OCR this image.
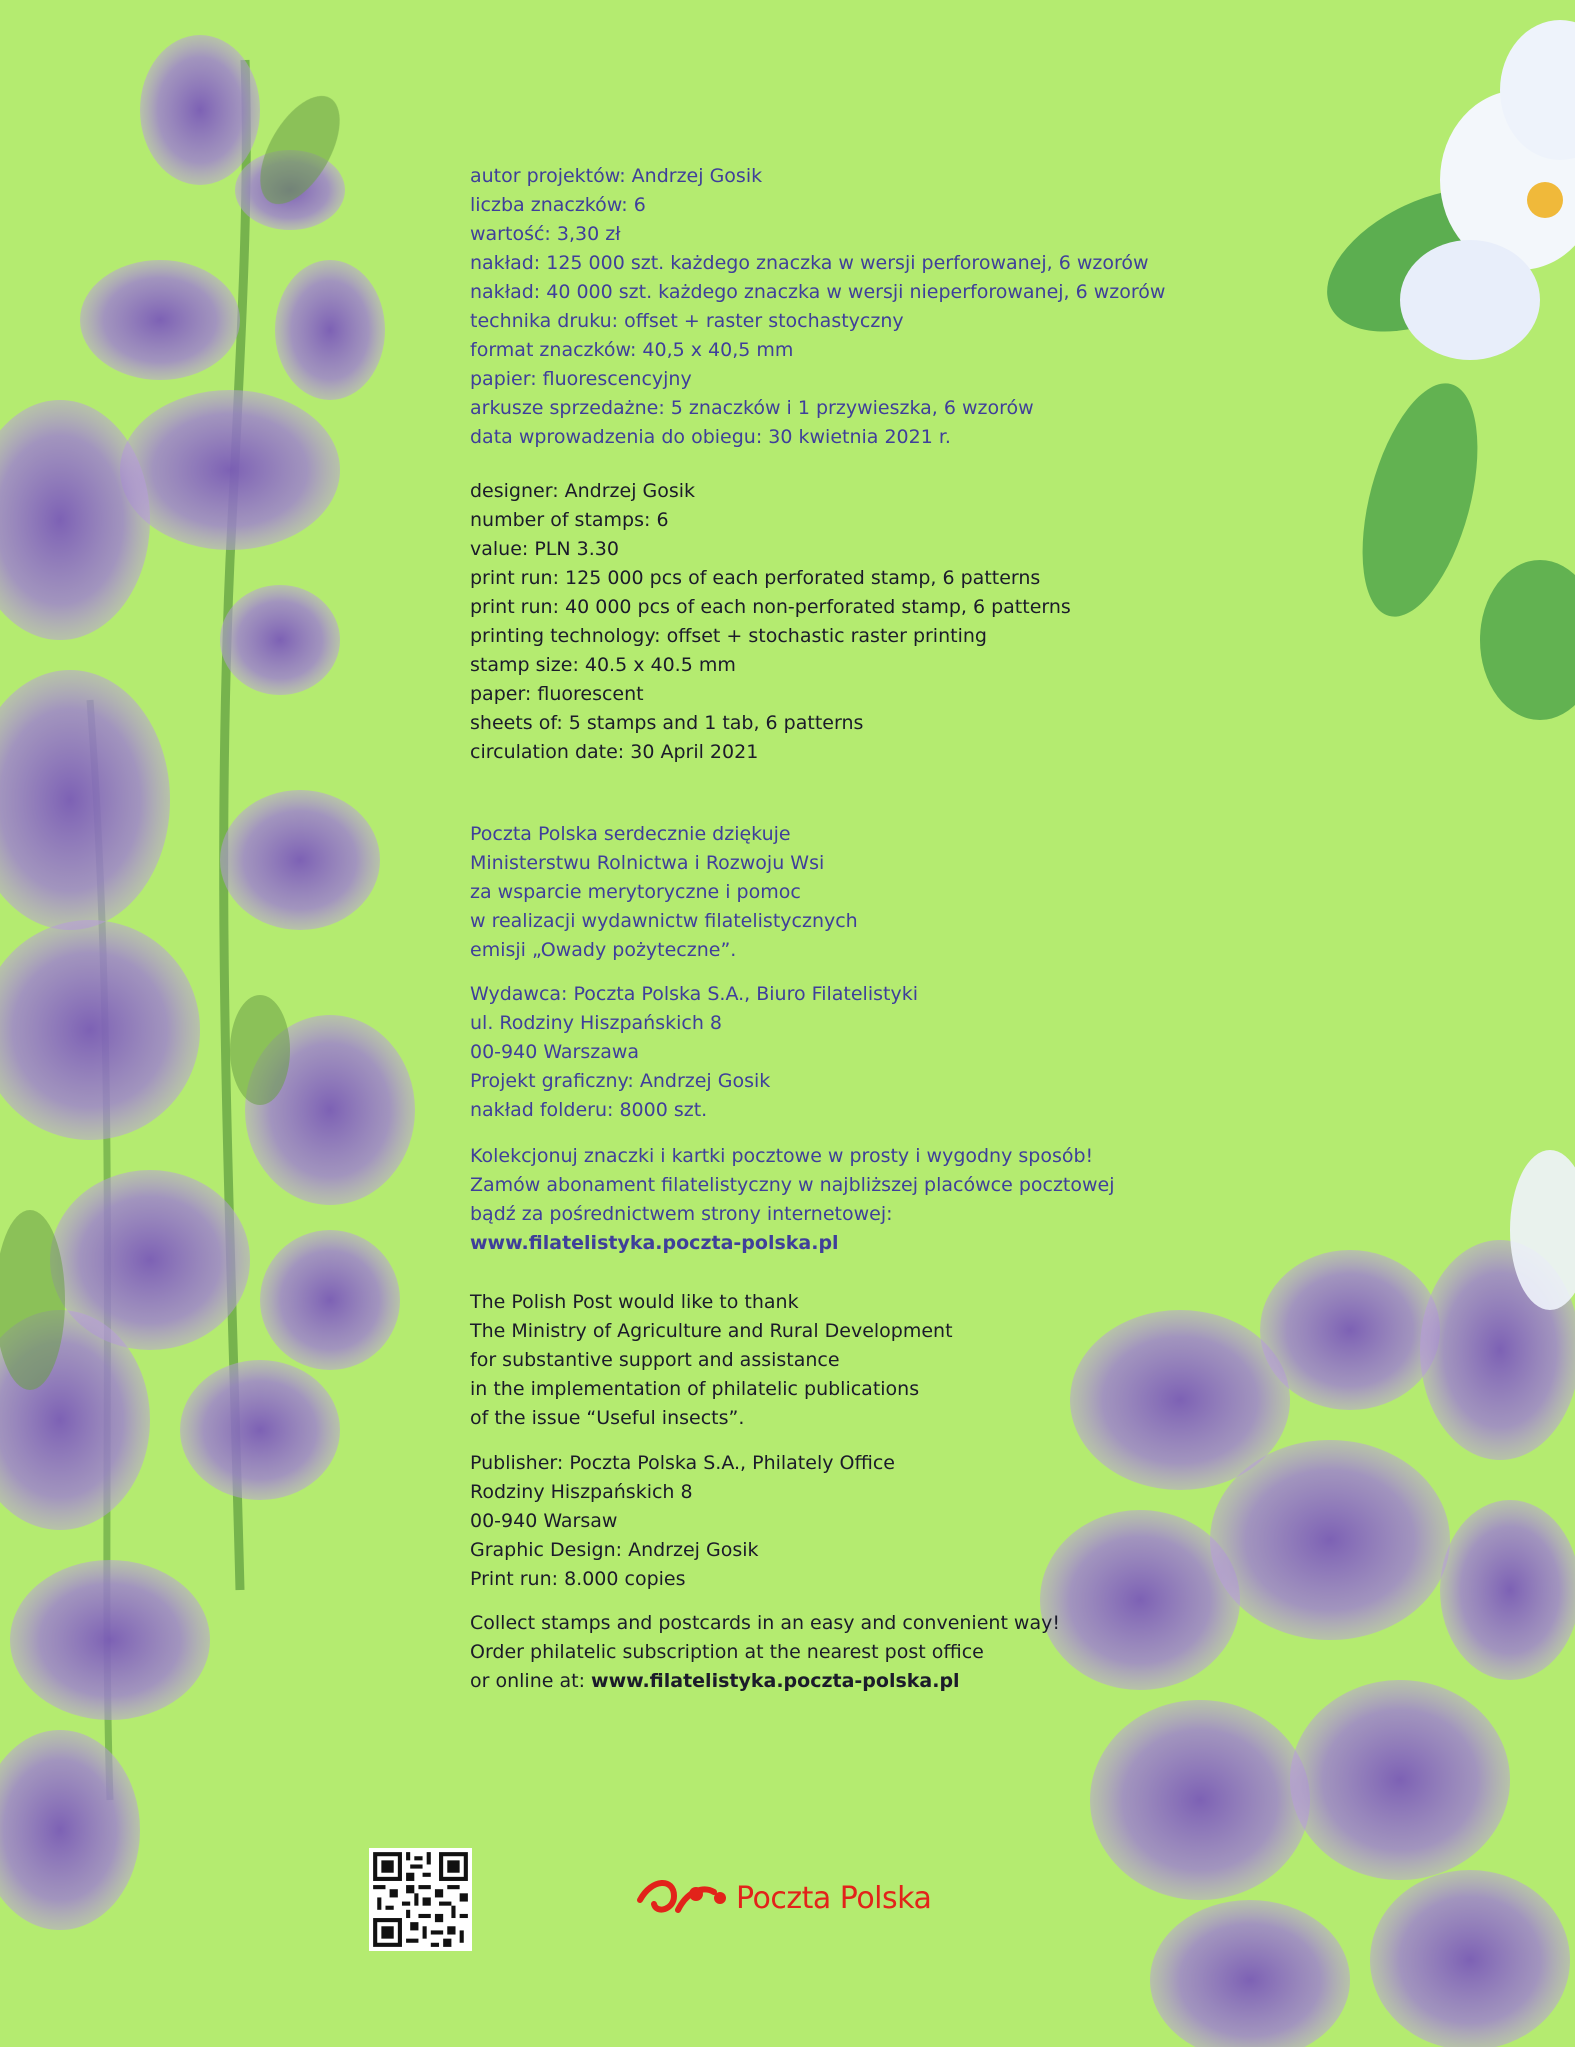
autor projektów: Andrzej Gosik
liczba znaczków: 6
wartość: 3,30 zł
nakład: 125 000 szt. każdego znaczka w wersji perforowanej, 6 wzorów
nakład: 40 000 szt. każdego znaczka w wersji nieperforowanej, 6 wzorów
technika druku: offset + raster stochastyczny
format znaczków: 40,5 x 40,5 mm
papier: fluorescencyjny
arkusze sprzedażne: 5 znaczków i 1 przywieszka, 6 wzorów
data wprowadzenia do obiegu: 30 kwietnia 2021 r.
designer: Andrzej Gosik
number of stamps: 6
value: PLN 3.30
print run: 125 000 pcs of each perforated stamp, 6 patterns
print run: 40 000 pcs of each non-perforated stamp, 6 patterns
printing technology: offset + stochastic raster printing
stamp size: 40.5 x 40.5 mm
paper: fluorescent
sheets of: 5 stamps and 1 tab, 6 patterns
circulation date: 30 April 2021
Poczta Polska serdecznie dziękuje
Ministerstwu Rolnictwa i Rozwoju Wsi
za wsparcie merytoryczne i pomoc
w realizacji wydawnictw filatelistycznych
emisji „Owady pożyteczne”.
Wydawca: Poczta Polska S.A., Biuro Filatelistyki
ul. Rodziny Hiszpańskich 8
00-940 Warszawa
Projekt graficzny: Andrzej Gosik
nakład folderu: 8000 szt.
Kolekcjonuj znaczki i kartki pocztowe w prosty i wygodny sposób!
Zamów abonament filatelistyczny w najbliższej placówce pocztowej
bądź za pośrednictwem strony internetowej:
www.filatelistyka.poczta-polska.pl
The Polish Post would like to thank
The Ministry of Agriculture and Rural Development
for substantive support and assistance
in the implementation of philatelic publications
of the issue “Useful insects”.
Publisher: Poczta Polska S.A., Philately Office
Rodziny Hiszpańskich 8
00-940 Warsaw
Graphic Design: Andrzej Gosik
Print run: 8.000 copies
Collect stamps and postcards in an easy and convenient way!
Order philatelic subscription at the nearest post office
or online at: www.filatelistyka.poczta-polska.pl
Poczta Polska
